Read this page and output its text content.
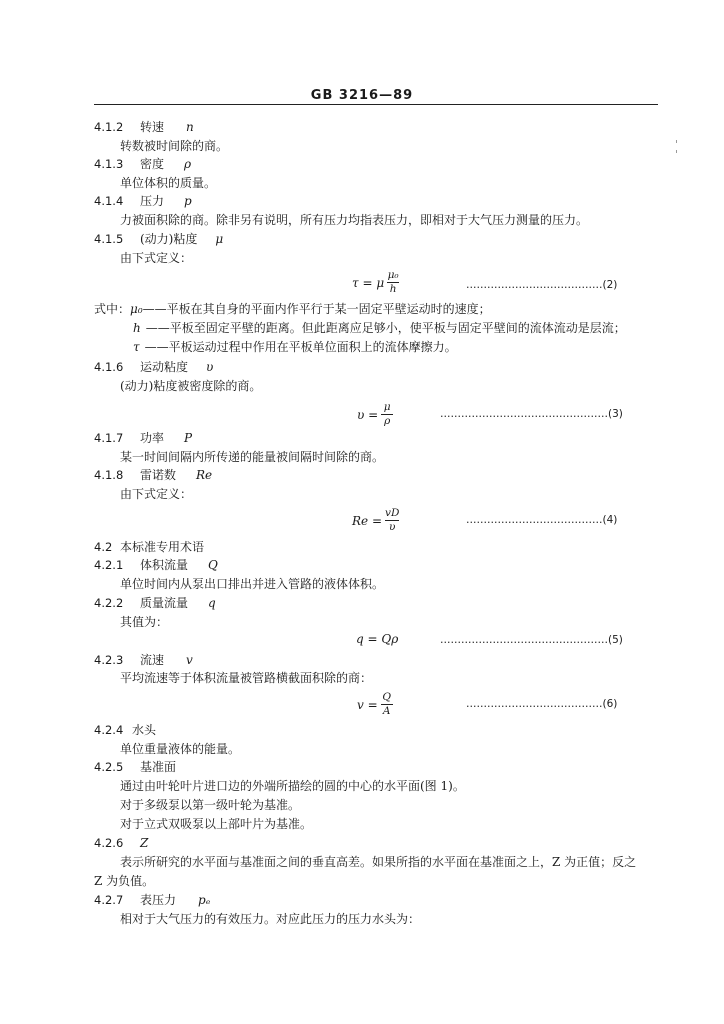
GB 3216—89
4.1.2 转速 n
转数被时间除的商。
4.1.3 密度 ρ
单位体积的质量。
4.1.4 压力 p
力被面积除的商。除非另有说明，所有压力均指表压力，即相对于大气压力测量的压力。
4.1.5 (动力)粘度 μ
由下式定义：
τ = μ $\frac{\text{μ₀}}{h}$	…………………………………(2)
式中：μ₀——平板在其自身的平面内作平行于某一固定平壁运动时的速度；
h ——平板至固定平壁的距离。但此距离应足够小，使平板与固定平壁间的流体流动是层流；
τ ——平板运动过程中作用在平板单位面积上的流体摩擦力。
4.1.6 运动粘度 υ
(动力)粘度被密度除的商。
$\upsilon = \frac{\mu}{\rho}$	…………………………………………(3)
4.1.7 功率 P
某一时间间隔内所传递的能量被间隔时间除的商。
4.1.8 雷诺数 Re
由下式定义：
$Re = \frac{vD}{\upsilon}$	…………………………………(4)
4.2 本标准专用术语
4.2.1 体积流量 Q
单位时间内从泵出口排出并进入管路的液体体积。
4.2.2 质量流量 q
其值为：
q = Qρ	…………………………………………(5)
4.2.3 流速 v
平均流速等于体积流量被管路横截面积除的商：
$v = \frac{Q}{A}$	…………………………………(6)
4.2.4 水头
单位重量液体的能量。
4.2.5 基准面
通过由叶轮叶片进口边的外端所描绘的圆的中心的水平面(图 1)。
对于多级泵以第一级叶轮为基准。
对于立式双吸泵以上部叶片为基准。
4.2.6 Z
表示所研究的水平面与基准面之间的垂直高差。如果所指的水平面在基准面之上，Z 为正值；反之
Z 为负值。
4.2.7 表压力 pₑ
相对于大气压力的有效压力。对应此压力的压力水头为：
